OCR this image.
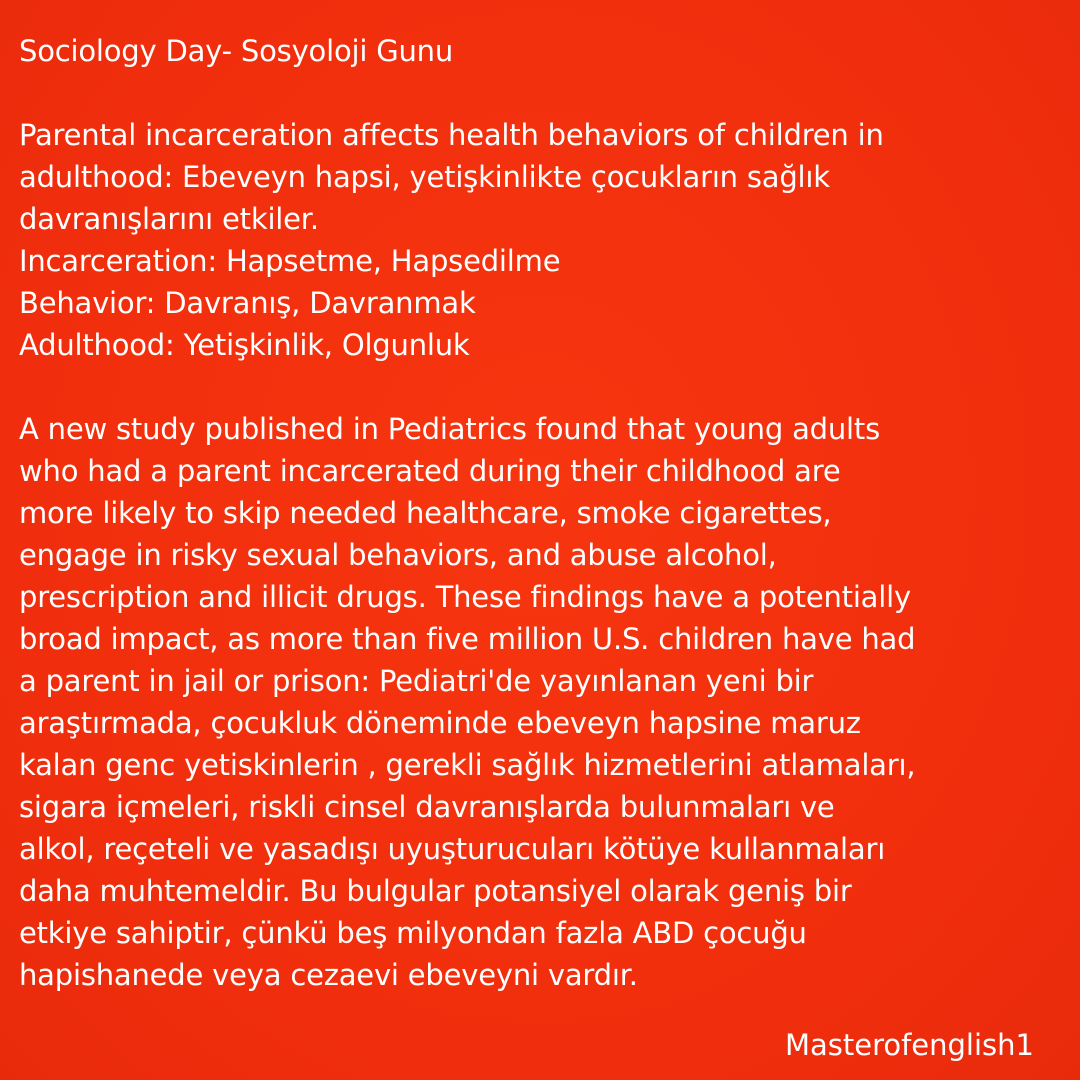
Sociology Day- Sosyoloji Gunu
Parental incarceration affects health behaviors of children in
adulthood: Ebeveyn hapsi, yetişkinlikte çocukların sağlık
davranışlarını etkiler.
Incarceration: Hapsetme, Hapsedilme
Behavior: Davranış, Davranmak
Adulthood: Yetişkinlik, Olgunluk
A new study published in Pediatrics found that young adults
who had a parent incarcerated during their childhood are
more likely to skip needed healthcare, smoke cigarettes,
engage in risky sexual behaviors, and abuse alcohol,
prescription and illicit drugs. These findings have a potentially
broad impact, as more than five million U.S. children have had
a parent in jail or prison: Pediatri'de yayınlanan yeni bir
araştırmada, çocukluk döneminde ebeveyn hapsine maruz
kalan genc yetiskinlerin , gerekli sağlık hizmetlerini atlamaları,
sigara içmeleri, riskli cinsel davranışlarda bulunmaları ve
alkol, reçeteli ve yasadışı uyuşturucuları kötüye kullanmaları
daha muhtemeldir. Bu bulgular potansiyel olarak geniş bir
etkiye sahiptir, çünkü beş milyondan fazla ABD çocuğu
hapishanede veya cezaevi ebeveyni vardır.
Masterofenglish1
